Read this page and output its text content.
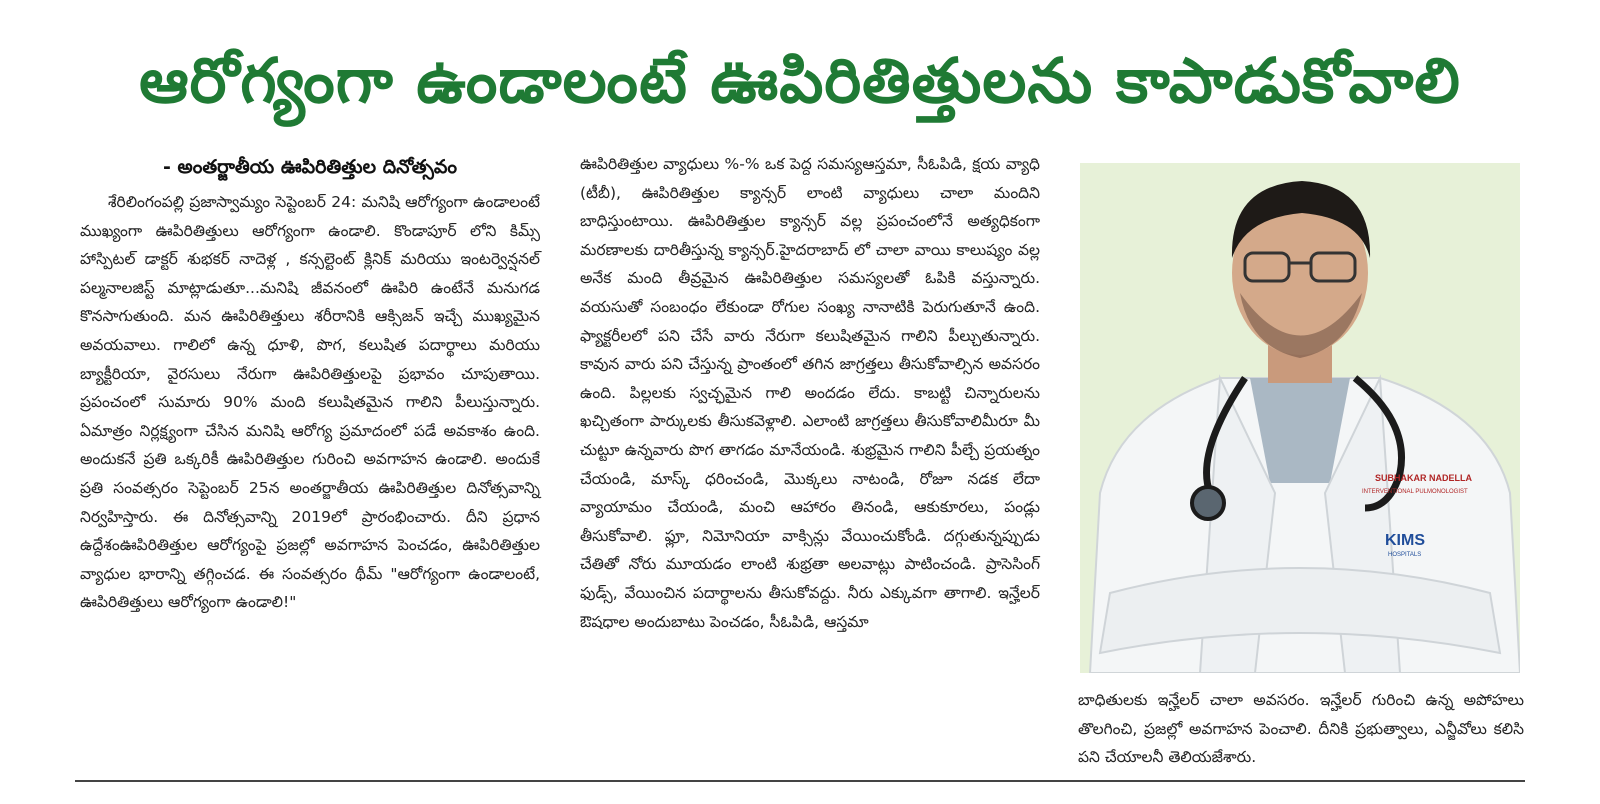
ఆరోగ్యంగా ఉండాలంటే ఊపిరితిత్తులను కాపాడుకోవాలి
- అంతర్జాతీయ ఊపిరితిత్తుల దినోత్సవం

శేరిలింగంపల్లి ప్రజాస్వామ్యం సెప్టెంబర్ 24: మనిషి ఆరోగ్యంగా ఉండాలంటే ముఖ్యంగా ఊపిరితిత్తులు ఆరోగ్యంగా ఉండాలి. కొండాపూర్ లోని కిమ్స్ హాస్పిటల్ డాక్టర్ శుభకర్ నాదెళ్ల , కన్సల్టెంట్ క్లినిక్ మరియు ఇంటర్వెన్షనల్ పల్మనాలజిస్ట్ మాట్లాడుతూ...మనిషి జీవనంలో ఊపిరి ఉంటేనే మనుగడ కొనసాగుతుంది. మన ఊపిరితిత్తులు శరీరానికి ఆక్సిజన్ ఇచ్చే ముఖ్యమైన అవయవాలు. గాలిలో ఉన్న ధూళి, పొగ, కలుషిత పదార్థాలు మరియు బ్యాక్టీరియా, వైరసులు నేరుగా ఊపిరితిత్తులపై ప్రభావం చూపుతాయి. ప్రపంచంలో సుమారు 90% మంది కలుషితమైన గాలిని పీలుస్తున్నారు. ఏమాత్రం నిర్లక్ష్యంగా చేసిన మనిషి ఆరోగ్య ప్రమాదంలో పడే అవకాశం ఉంది. అందుకనే ప్రతి ఒక్కరికీ ఊపిరితిత్తుల గురించి అవగాహన ఉండాలి. అందుకే ప్రతి సంవత్సరం సెప్టెంబర్ 25న అంతర్జాతీయ ఊపిరితిత్తుల దినోత్సవాన్ని నిర్వహిస్తారు. ఈ దినోత్సవాన్ని 2019లో ప్రారంభించారు. దీని ప్రధాన ఉద్దేశంఊపిరితిత్తుల ఆరోగ్యంపై ప్రజల్లో అవగాహన పెంచడం, ఊపిరితిత్తుల వ్యాధుల భారాన్ని తగ్గించడ. ఈ సంవత్సరం థీమ్ "ఆరోగ్యంగా ఉండాలంటే, ఊపిరితిత్తులు ఆరోగ్యంగా ఉండాలి!"

ఊపిరితిత్తుల వ్యాధులు %-% ఒక పెద్ద సమస్యఆస్తమా, సీఓపిడి, క్షయ వ్యాధి (టీబీ), ఊపిరితిత్తుల క్యాన్సర్ లాంటి వ్యాధులు చాలా మందిని బాధిస్తుంటాయి. ఊపిరితిత్తుల క్యాన్సర్ వల్ల ప్రపంచంలోనే అత్యధికంగా మరణాలకు దారితీస్తున్న క్యాన్సర్.హైదరాబాద్ లో చాలా వాయి కాలుష్యం వల్ల అనేక మంది తీవ్రమైన ఊపిరితిత్తుల సమస్యలతో ఓపికి వస్తున్నారు. వయసుతో సంబంధం లేకుండా రోగుల సంఖ్య నానాటికి పెరుగుతూనే ఉంది. ఫ్యాక్టరీలలో పని చేసే వారు నేరుగా కలుషితమైన గాలిని పీల్చుతున్నారు. కావున వారు పని చేస్తున్న ప్రాంతంలో తగిన జాగ్రత్తలు తీసుకోవాల్సిన అవసరం ఉంది. పిల్లలకు స్వచ్ఛమైన గాలి అందడం లేదు. కాబట్టి చిన్నారులను ఖచ్చితంగా పార్కులకు తీసుకవెళ్లాలి. ఎలాంటి జాగ్రత్తలు తీసుకోవాలిమీరూ మీ చుట్టూ ఉన్నవారు పొగ తాగడం మానేయండి. శుభ్రమైన గాలిని పీల్చే ప్రయత్నం చేయండి, మాస్క్ ధరించండి, మొక్కలు నాటండి, రోజూ నడక లేదా వ్యాయామం చేయండి, మంచి ఆహారం తినండి, ఆకుకూరలు, పండ్లు తీసుకోవాలి. ఫ్లూ, నిమోనియా వాక్సిన్లు వేయించుకోండి. దగ్గుతున్నప్పుడు చేతితో నోరు మూయడం లాంటి శుభ్రతా అలవాట్లు పాటించండి. ప్రాసెసింగ్ ఫుడ్స్, వేయించిన పదార్థాలను తీసుకోవద్దు. నీరు ఎక్కువగా తాగాలి. ఇన్హేలర్ ఔషధాల అందుబాటు పెంచడం, సీఓపిడి, ఆస్తమా

SUBHAKAR NADELLA
INTERVENTIONAL PULMONOLOGIST
KIMS
HOSPITALS
బాధితులకు ఇన్హేలర్ చాలా అవసరం. ఇన్హేలర్ గురించి ఉన్న అపోహలు తొలగించి, ప్రజల్లో అవగాహన పెంచాలి. దీనికి ప్రభుత్వాలు, ఎన్జీవోలు కలిసి పని చేయాలనీ తెలియజేశారు.
